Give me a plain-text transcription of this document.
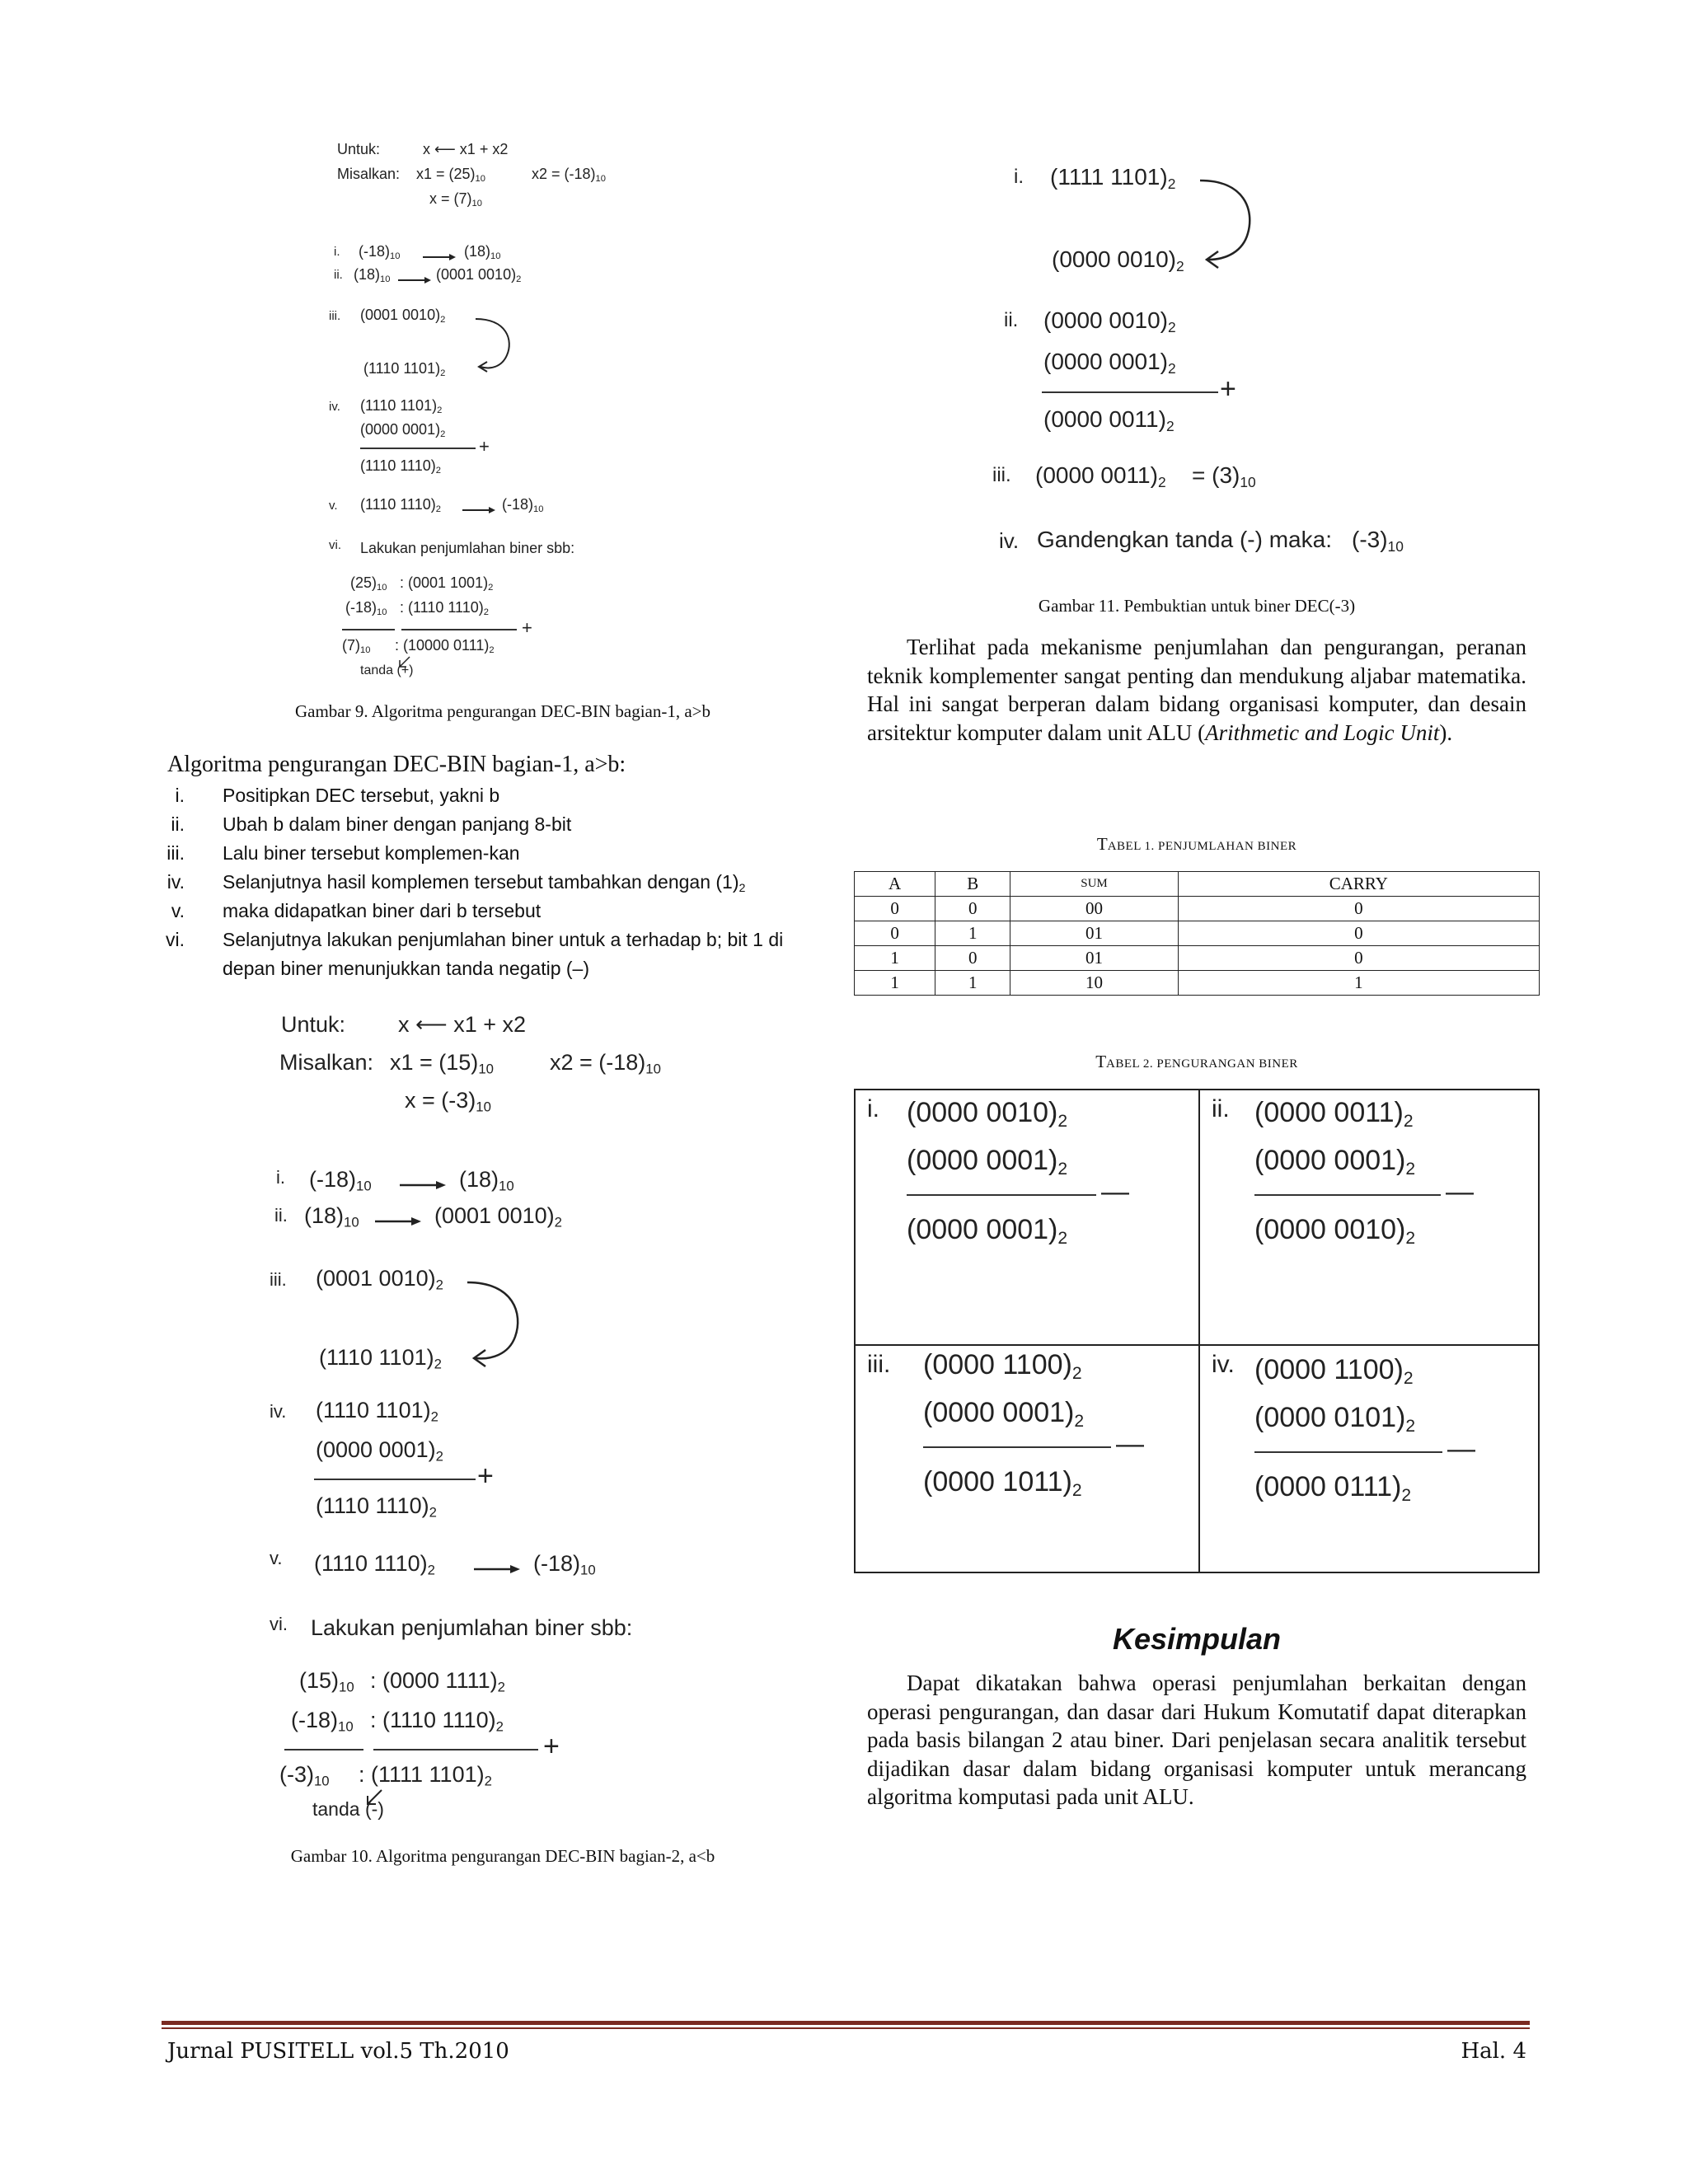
Untuk:	x ⟵ x1 + x2
Misalkan: $x1 = (25)_{10}$	$x2 = (-18)_{10}$
$x = (7)_{10}$
i. $(-18)_{10}$	$(18)_{10}$
ii. $(18)_{10}$	(0001 $0010)_2$
iii. (0001 $0010)_2$
(1110 $1101)_2$
iv. (1110 $1101)_2$
(0000 $0001)_2$
+
(1110 $1110)_2$
v. (1110 $1110)_2$	$(-18)_{10}$
vi. Lakukan penjumlahan biner sbb:
$(25)_{10}$ : (0001 $1001)_2$
$(-18)_{10}$ : (1110 $1110)_2$
+
$(7)_{10}$ : (10000 $0111)_2$
tanda (+)
Gambar 9. Algoritma pengurangan DEC-BIN bagian-1, a>b
Algoritma pengurangan DEC-BIN bagian-1, a>b:
i. Positipkan DEC tersebut, yakni b
ii. Ubah b dalam biner dengan panjang 8-bit
iii. Lalu biner tersebut komplemen-kan
iv. Selanjutnya hasil komplemen tersebut tambahkan dengan $(1)_2$
v. maka didapatkan biner dari b tersebut
vi. Selanjutnya lakukan penjumlahan biner untuk a terhadap b; bit 1 di depan biner menunjukkan tanda negatip (–)
Untuk: x ⟵ x1 + x2
Misalkan: $x1 = (15)_{10}$	$x2 = (-18)_{10}$
$x = (-3)_{10}$
i. $(-18)_{10}$	$(18)_{10}$
ii. $(18)_{10}$	(0001 $0010)_2$
iii. (0001 $0010)_2$
(1110 $1101)_2$
iv. (1110 $1101)_2$
(0000 $0001)_2$
+
(1110 $1110)_2$
v. (1110 $1110)_2$	$(-18)_{10}$
vi. Lakukan penjumlahan biner sbb:
$(15)_{10}$ : (0000 $1111)_2$
$(-18)_{10}$ : (1110 $1110)_2$
+
$(-3)_{10}$ : (1111 $1101)_2$
tanda (-)
Gambar 10. Algoritma pengurangan DEC-BIN bagian-2, a<b
i. (1111 $1101)_2$
(0000 $0010)_2$
ii. (0000 $0010)_2$
(0000 $0001)_2$
+
(0000 $0011)_2$
iii. (0000 $0011)_2 = (3)_{10}$
iv. Gandengkan tanda (-) maka: $(-3)_{10}$
Gambar 11. Pembuktian untuk biner DEC(-3)

Terlihat pada mekanisme penjumlahan dan pengurangan, peranan teknik komplementer sangat penting dan mendukung aljabar matematika. Hal ini sangat berperan dalam bidang organisasi komputer, dan desain arsitektur komputer dalam unit ALU (Arithmetic and Logic Unit).

TABEL 1. PENJUMLAHAN BINER
A	B	SUM	CARRY
0	0	00	0
0	1	01	0
1	0	01	0
1	1	10	1
TABEL 2. PENGURANGAN BINER
i. (0000 $0010)_2$
(0000 $0001)_2$
—
(0000 $0001)_2$
ii. (0000 $0011)_2$
(0000 $0001)_2$
—
(0000 $0010)_2$
iii. (0000 $1100)_2$
(0000 $0001)_2$
—
(0000 $1011)_2$
iv. (0000 $1100)_2$
(0000 $0101)_2$
—
(0000 $0111)_2$
Kesimpulan

Dapat dikatakan bahwa operasi penjumlahan berkaitan dengan operasi pengurangan, dan dasar dari Hukum Komutatif dapat diterapkan pada basis bilangan 2 atau biner. Dari penjelasan secara analitik tersebut dijadikan dasar dalam bidang organisasi komputer untuk merancang algoritma komputasi pada unit ALU.

Jurnal PUSITELL vol.5 Th.2010	Hal. 4
